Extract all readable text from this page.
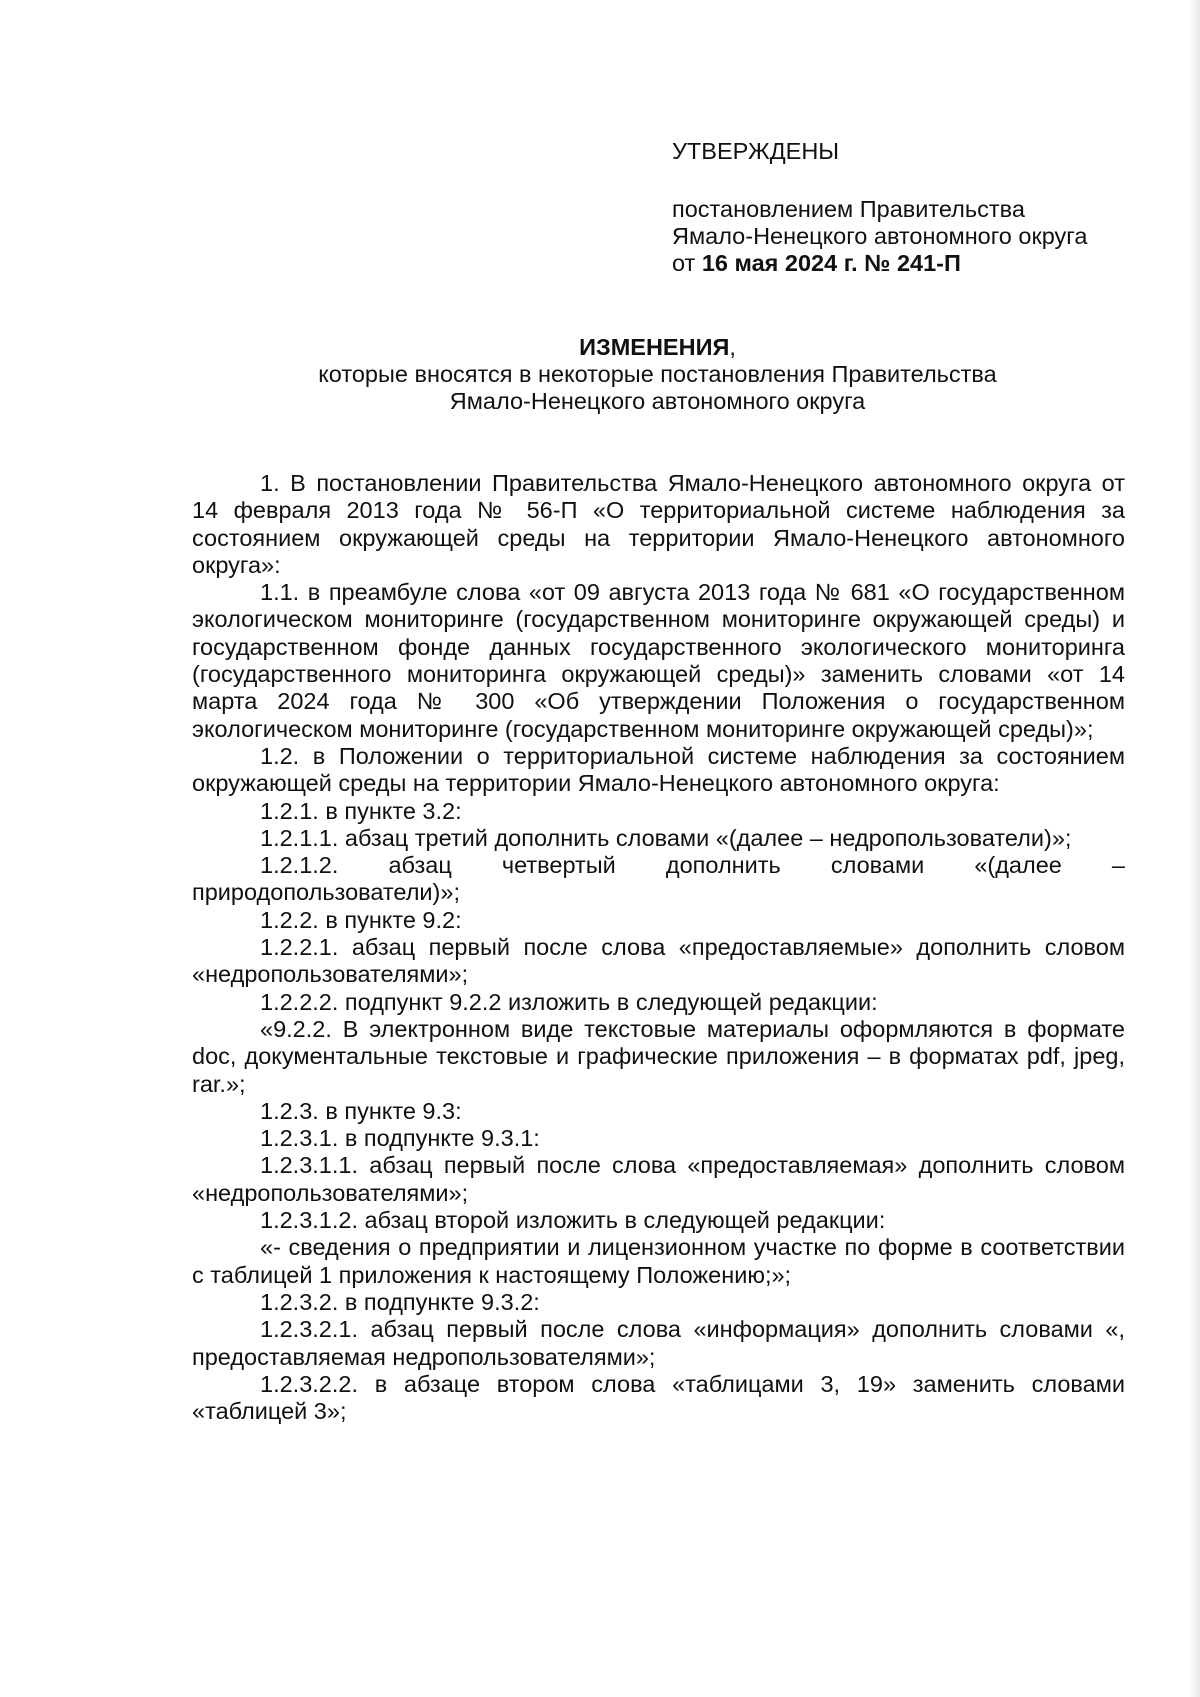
УТВЕРЖДЕНЫ
постановлением Правительства
Ямало-Ненецкого автономного округа
от 16 мая 2024 г. № 241-П
ИЗМЕНЕНИЯ,
которые вносятся в некоторые постановления Правительства
Ямало-Ненецкого автономного округа

1. В постановлении Правительства Ямало-Ненецкого автономного округа от 14 февраля 2013 года № 56-П «О территориальной системе наблюдения за состоянием окружающей среды на территории Ямало-Ненецкого автономного округа»:

1.1. в преамбуле слова «от 09 августа 2013 года № 681 «О государственном экологическом мониторинге (государственном мониторинге окружающей среды) и государственном фонде данных государственного экологического мониторинга (государственного мониторинга окружающей среды)» заменить словами «от 14 марта 2024 года № 300 «Об утверждении Положения о государственном экологическом мониторинге (государственном мониторинге окружающей среды)»;

1.2. в Положении о территориальной системе наблюдения за состоянием окружающей среды на территории Ямало-Ненецкого автономного округа:

1.2.1. в пункте 3.2:

1.2.1.1. абзац третий дополнить словами «(далее – недропользователи)»;

1.2.1.2. абзац четвертый дополнить словами «(далее – природопользователи)»;

1.2.2. в пункте 9.2:

1.2.2.1. абзац первый после слова «предоставляемые» дополнить словом «недропользователями»;

1.2.2.2. подпункт 9.2.2 изложить в следующей редакции:

«9.2.2. В электронном виде текстовые материалы оформляются в формате doc, документальные текстовые и графические приложения – в форматах pdf, jpeg, rar.»;

1.2.3. в пункте 9.3:

1.2.3.1. в подпункте 9.3.1:

1.2.3.1.1. абзац первый после слова «предоставляемая» дополнить словом «недропользователями»;

1.2.3.1.2. абзац второй изложить в следующей редакции:

«- сведения о предприятии и лицензионном участке по форме в соответствии с таблицей 1 приложения к настоящему Положению;»;

1.2.3.2. в подпункте 9.3.2:

1.2.3.2.1. абзац первый после слова «информация» дополнить словами «, предоставляемая недропользователями»;

1.2.3.2.2. в абзаце втором слова «таблицами 3, 19» заменить словами «таблицей 3»;
